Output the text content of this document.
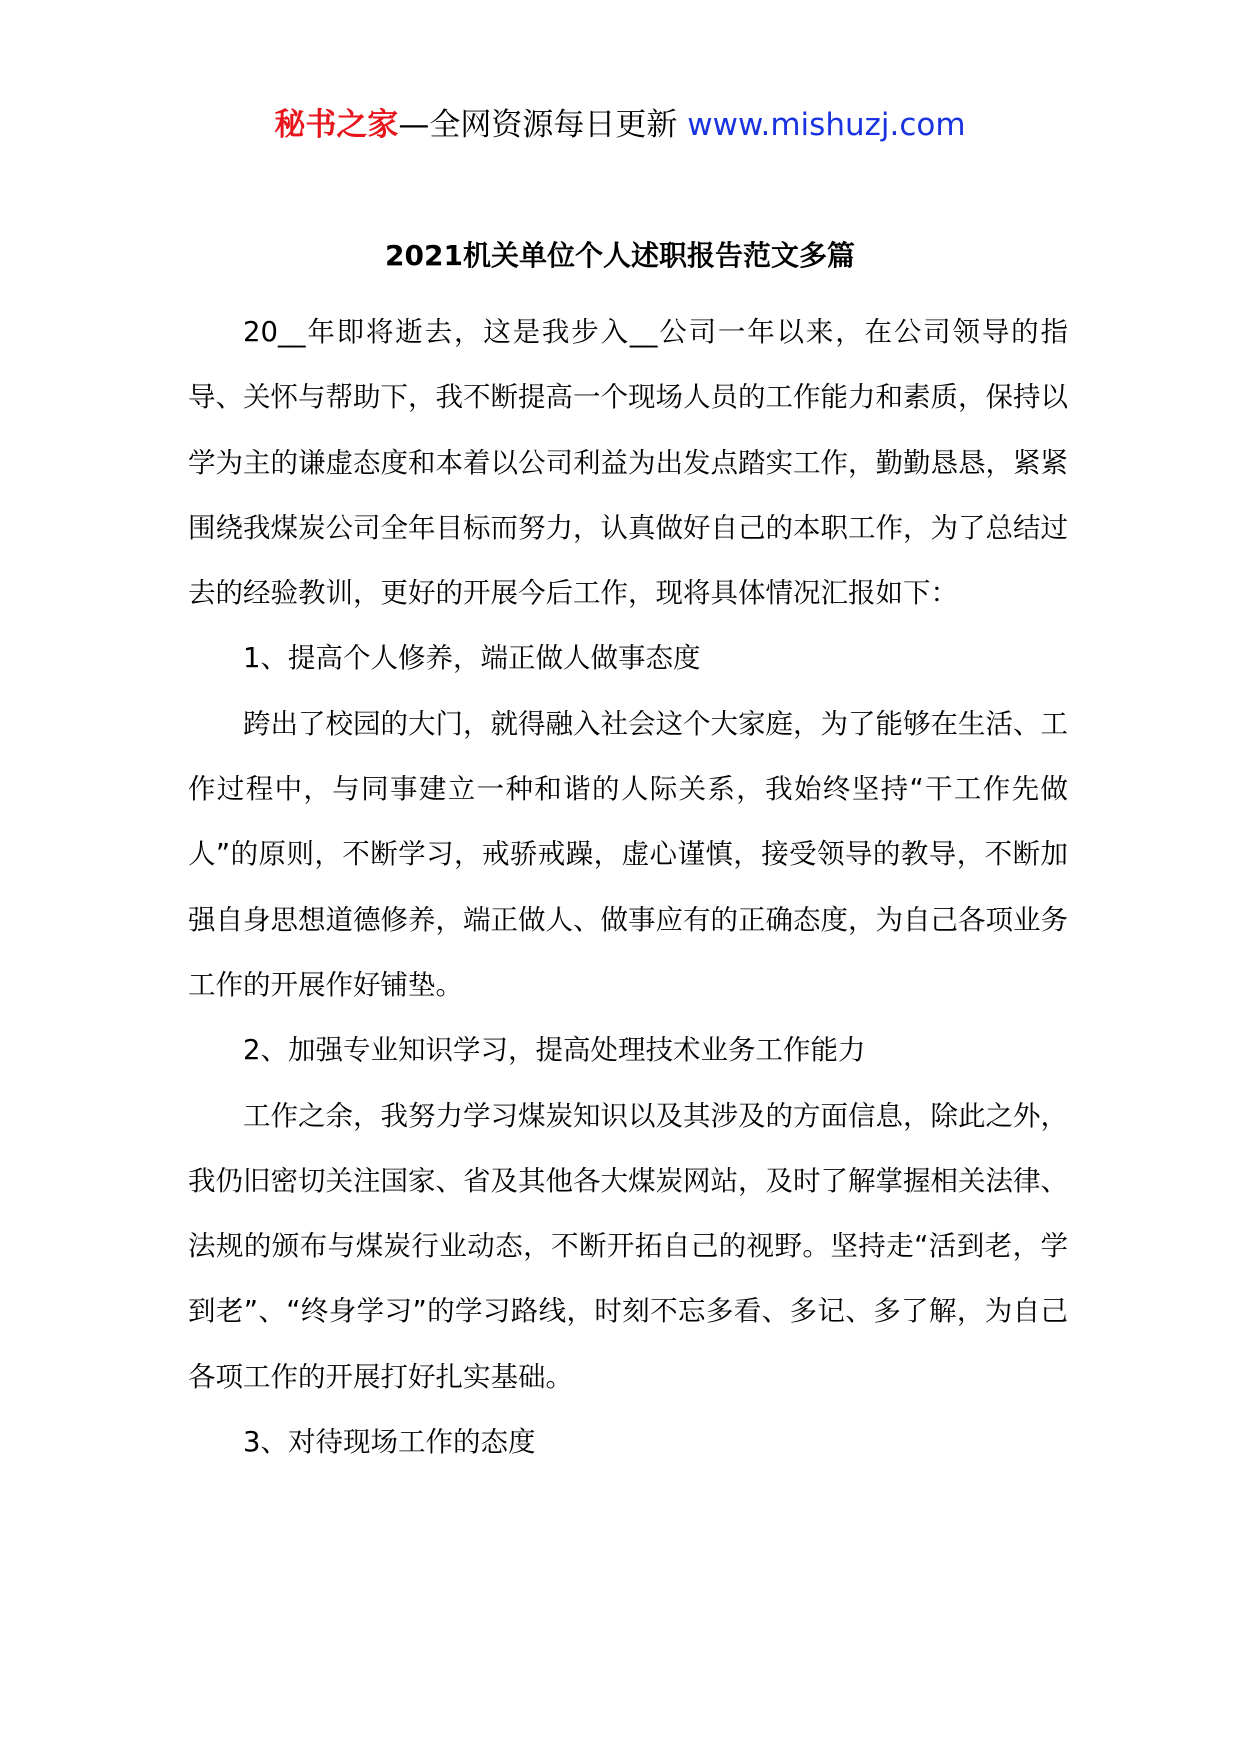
秘书之家—全网资源每日更新 www.mishuzj.com
2021机关单位个人述职报告范文多篇

20__年即将逝去，这是我步入__公司一年以来，在公司领导的指导、关怀与帮助下，我不断提高一个现场人员的工作能力和素质，保持以学为主的谦虚态度和本着以公司利益为出发点踏实工作，勤勤恳恳，紧紧围绕我煤炭公司全年目标而努力，认真做好自己的本职工作，为了总结过去的经验教训，更好的开展今后工作，现将具体情况汇报如下：

1、提高个人修养，端正做人做事态度

跨出了校园的大门，就得融入社会这个大家庭，为了能够在生活、工作过程中，与同事建立一种和谐的人际关系，我始终坚持“干工作先做人”的原则，不断学习，戒骄戒躁，虚心谨慎，接受领导的教导，不断加强自身思想道德修养，端正做人、做事应有的正确态度，为自己各项业务工作的开展作好铺垫。

2、加强专业知识学习，提高处理技术业务工作能力

工作之余，我努力学习煤炭知识以及其涉及的方面信息，除此之外，我仍旧密切关注国家、省及其他各大煤炭网站，及时了解掌握相关法律、法规的颁布与煤炭行业动态，不断开拓自己的视野。坚持走“活到老，学到老”、“终身学习”的学习路线，时刻不忘多看、多记、多了解，为自己各项工作的开展打好扎实基础。

3、对待现场工作的态度
